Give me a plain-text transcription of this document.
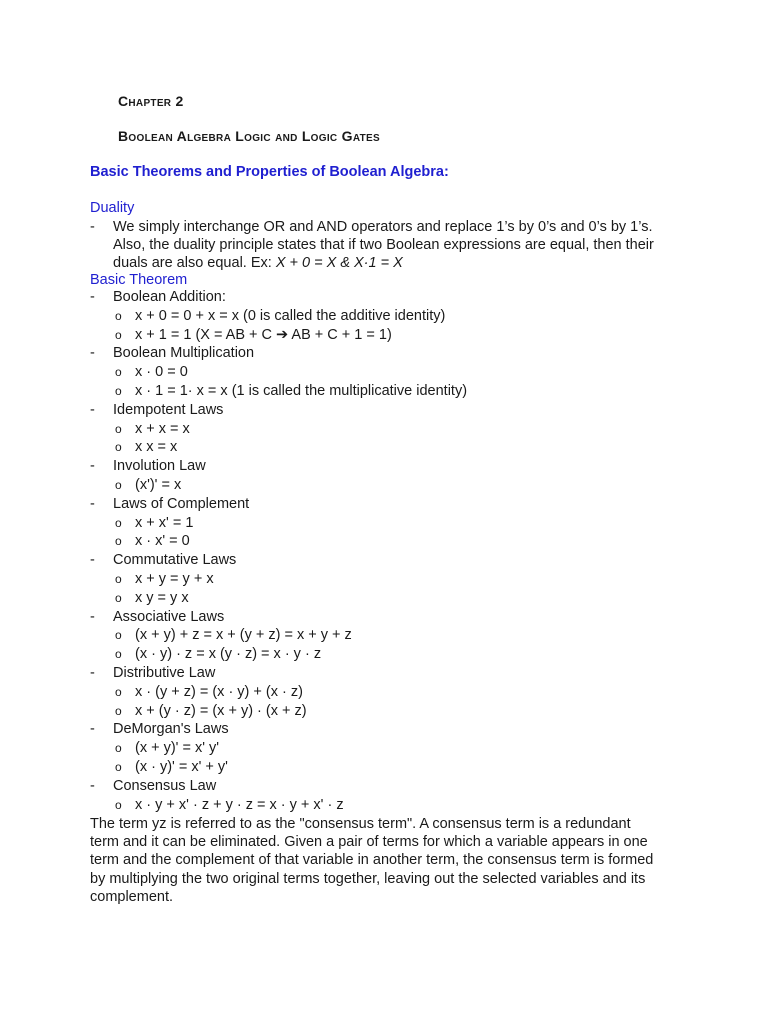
Chapter 2
Boolean Algebra Logic and Logic Gates
Basic Theorems and Properties of Boolean Algebra:
Duality
- We simply interchange OR and AND operators and replace 1’s by 0’s and 0’s by 1’s.
Also, the duality principle states that if two Boolean expressions are equal, then their
duals are also equal. Ex: X + 0 = X & X·1 = X
Basic Theorem
- Boolean Addition:
o x + 0 = 0 + x = x (0 is called the additive identity)
o x + 1 = 1 (X = AB + C ➔ AB + C + 1 = 1)
- Boolean Multiplication
o x · 0 = 0
o x · 1 = 1· x = x (1 is called the multiplicative identity)
- Idempotent Laws
o x + x = x
o x x = x
- Involution Law
o (x')' = x
- Laws of Complement
o x + x' = 1
o x · x' = 0
- Commutative Laws
o x + y = y + x
o x y = y x
- Associative Laws
o (x + y) + z = x + (y + z) = x + y + z
o (x · y) · z = x (y · z) = x · y · z
- Distributive Law
o x · (y + z) = (x · y) + (x · z)
o x + (y · z) = (x + y) · (x + z)
- DeMorgan's Laws
o (x + y)' = x' y'
o (x · y)' = x' + y'
- Consensus Law
o x · y + x' · z + y · z = x · y + x' · z
The term yz is referred to as the "consensus term". A consensus term is a redundant
term and it can be eliminated. Given a pair of terms for which a variable appears in one
term and the complement of that variable in another term, the consensus term is formed
by multiplying the two original terms together, leaving out the selected variables and its
complement.
